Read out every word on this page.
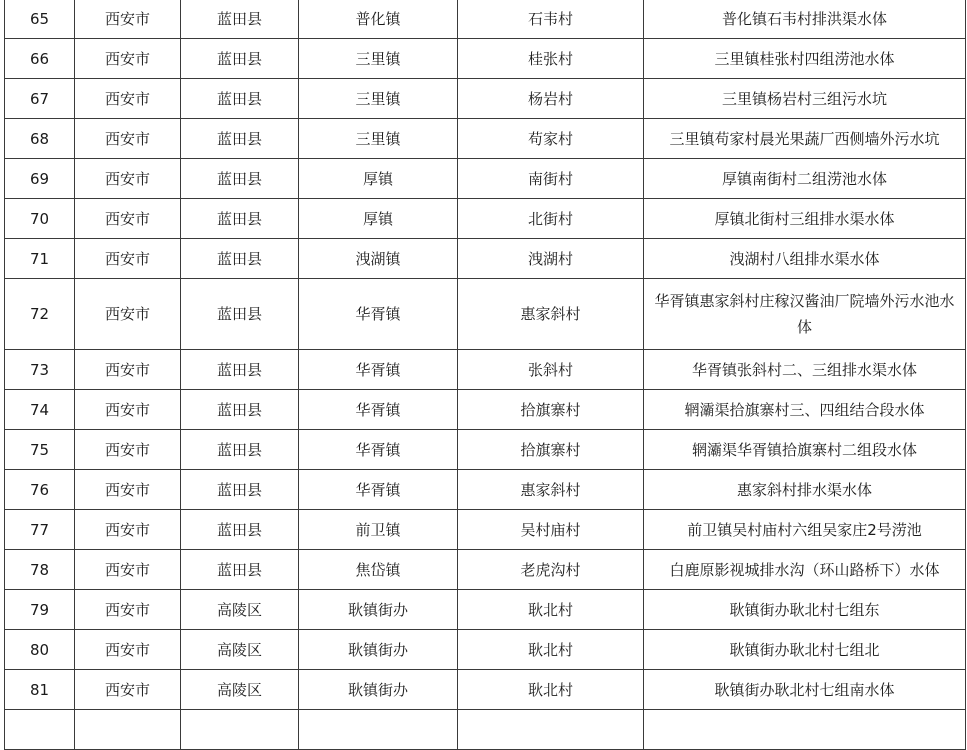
65	西安市	蓝田县	普化镇	石韦村	普化镇石韦村排洪渠水体
66	西安市	蓝田县	三里镇	桂张村	三里镇桂张村四组涝池水体
67	西安市	蓝田县	三里镇	杨岩村	三里镇杨岩村三组污水坑
68	西安市	蓝田县	三里镇	苟家村	三里镇苟家村晨光果蔬厂西侧墙外污水坑
69	西安市	蓝田县	厚镇	南街村	厚镇南街村二组涝池水体
70	西安市	蓝田县	厚镇	北街村	厚镇北街村三组排水渠水体
71	西安市	蓝田县	洩湖镇	洩湖村	洩湖村八组排水渠水体
72	西安市	蓝田县	华胥镇	惠家斜村	华胥镇惠家斜村庄稼汉酱油厂院墙外污水池水体
73	西安市	蓝田县	华胥镇	张斜村	华胥镇张斜村二、三组排水渠水体
74	西安市	蓝田县	华胥镇	拾旗寨村	辋灞渠拾旗寨村三、四组结合段水体
75	西安市	蓝田县	华胥镇	拾旗寨村	辋灞渠华胥镇拾旗寨村二组段水体
76	西安市	蓝田县	华胥镇	惠家斜村	惠家斜村排水渠水体
77	西安市	蓝田县	前卫镇	吴村庙村	前卫镇吴村庙村六组吴家庄2号涝池
78	西安市	蓝田县	焦岱镇	老虎沟村	白鹿原影视城排水沟（环山路桥下）水体
79	西安市	高陵区	耿镇街办	耿北村	耿镇街办耿北村七组东
80	西安市	高陵区	耿镇街办	耿北村	耿镇街办耿北村七组北
81	西安市	高陵区	耿镇街办	耿北村	耿镇街办耿北村七组南水体
